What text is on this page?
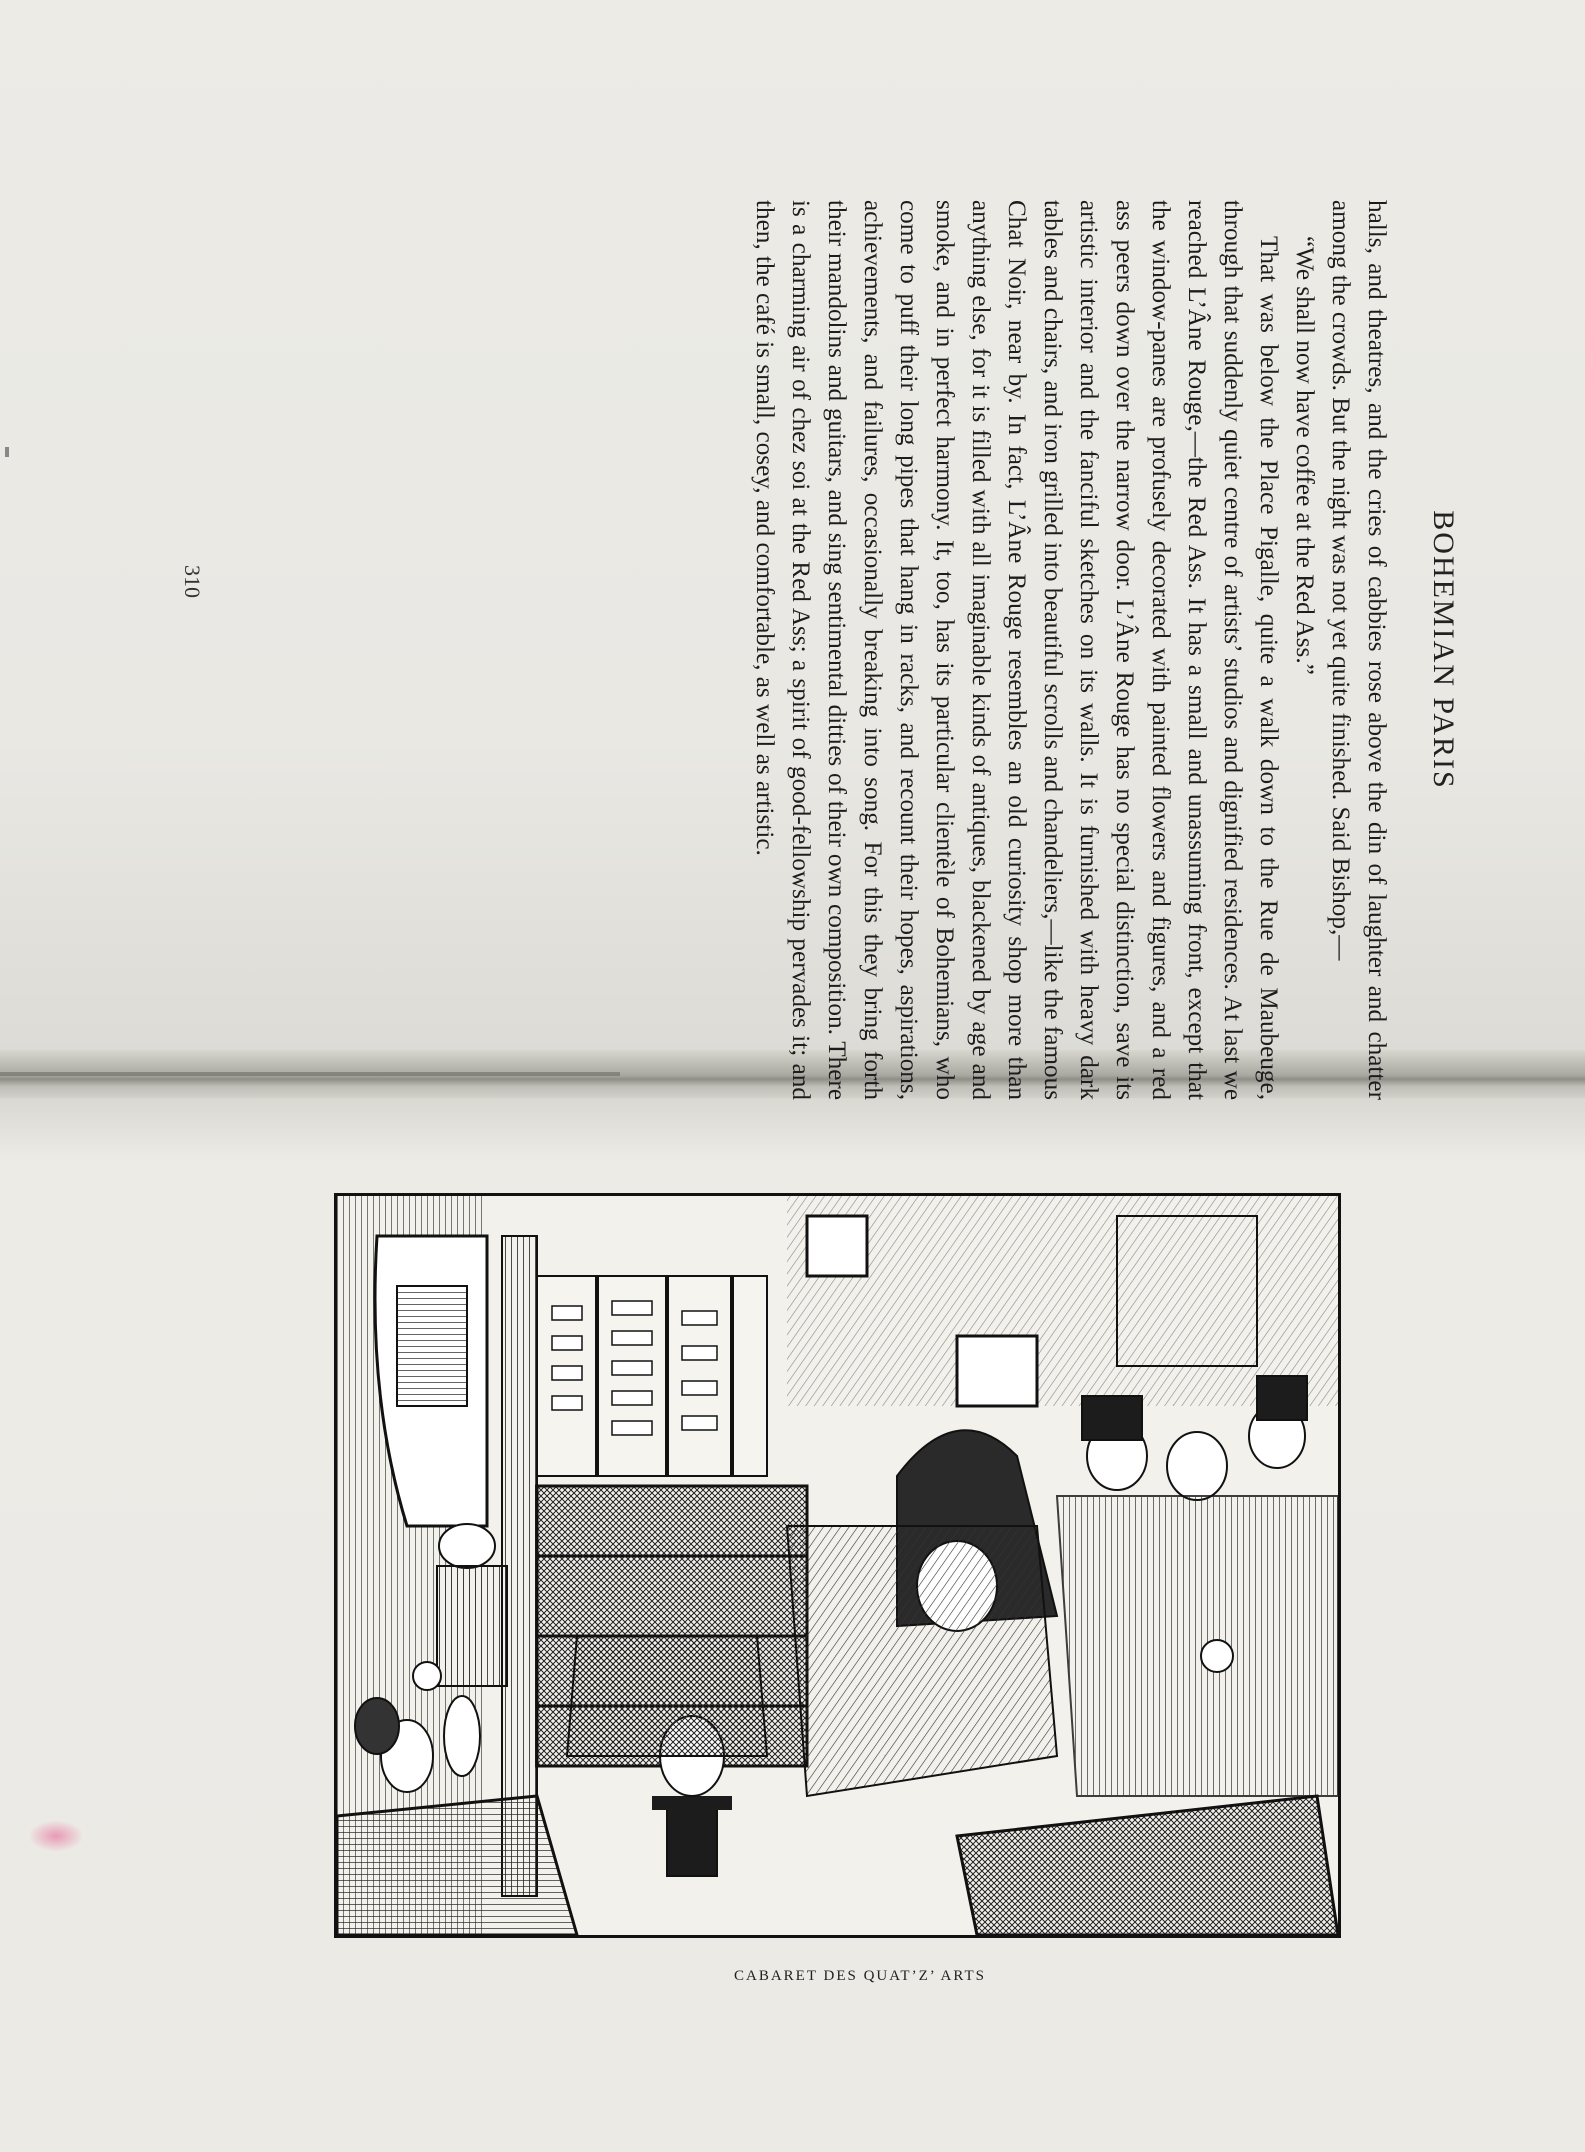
BOHEMIAN PARIS

halls, and theatres, and the cries of cabbies rose above the din of laughter and chatter among the crowds. But the night was not yet quite finished. Said Bishop,—

“We shall now have coffee at the Red Ass.”

That was below the Place Pigalle, quite a walk down to the Rue de Maubeuge, through that suddenly quiet centre of artists’ studios and dignified residences. At last we reached L’Âne Rouge,—the Red Ass. It has a small and unassuming front, except that the window-panes are profusely decorated with painted flowers and figures, and a red ass peers down over the narrow door. L’Âne Rouge has no special distinction, save its artistic interior and the fanciful sketches on its walls. It is furnished with heavy dark tables and chairs, and iron grilled into beautiful scrolls and chandeliers,—like the famous Chat Noir, near by. In fact, L’Âne Rouge resembles an old curiosity shop more than anything else, for it is filled with all imaginable kinds of antiques, blackened by age and smoke, and in perfect harmony. It, too, has its particular clientèle of Bohemians, who come to puff their long pipes that hang in racks, and recount their hopes, aspirations, achievements, and failures, occasionally breaking into song. For this they bring forth their mandolins and guitars, and sing sentimental ditties of their own composition. There is a charming air of chez soi at the Red Ass; a spirit of good-fellowship pervades it; and then, the café is small, cosey, and comfortable, as well as artistic.

310
CABARET DES QUAT’Z’ ARTS
